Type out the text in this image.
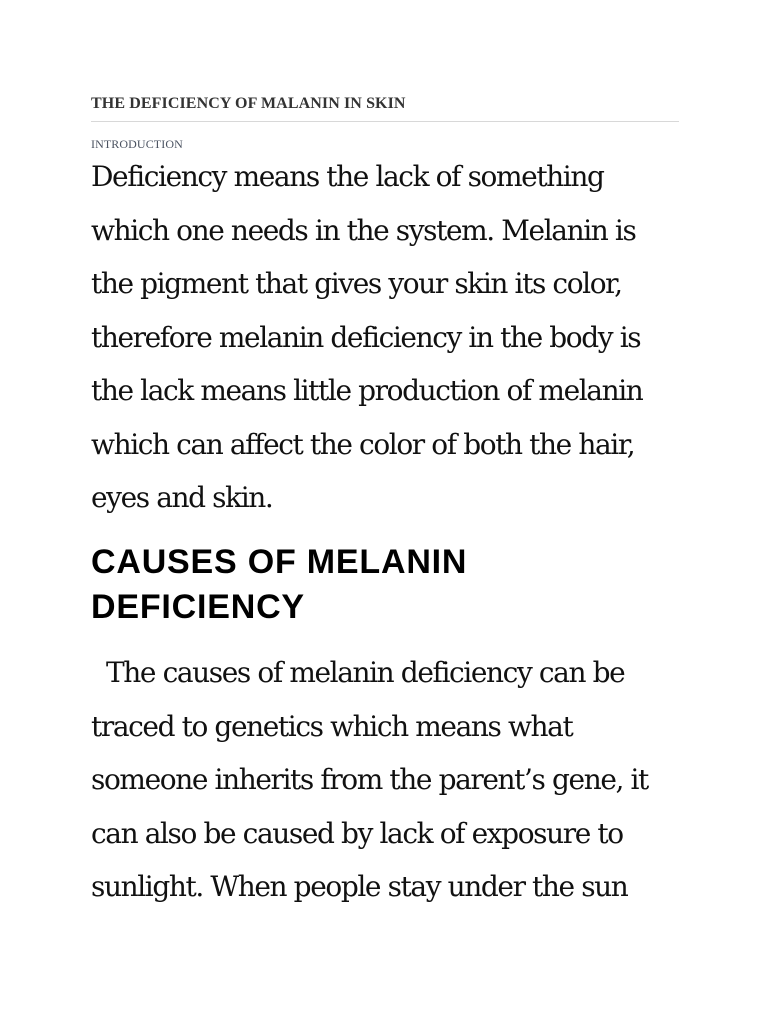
THE DEFICIENCY OF MALANIN IN SKIN
INTRODUCTION

Deficiency means the lack of something
which one needs in the system. Melanin is
the pigment that gives your skin its color,
therefore melanin deficiency in the body is
the lack means little production of melanin
which can affect the color of both the hair,
eyes and skin.

CAUSES OF MELANIN
DEFICIENCY

The causes of melanin deficiency can be
traced to genetics which means what
someone inherits from the parent’s gene, it
can also be caused by lack of exposure to
sunlight. When people stay under the sun
